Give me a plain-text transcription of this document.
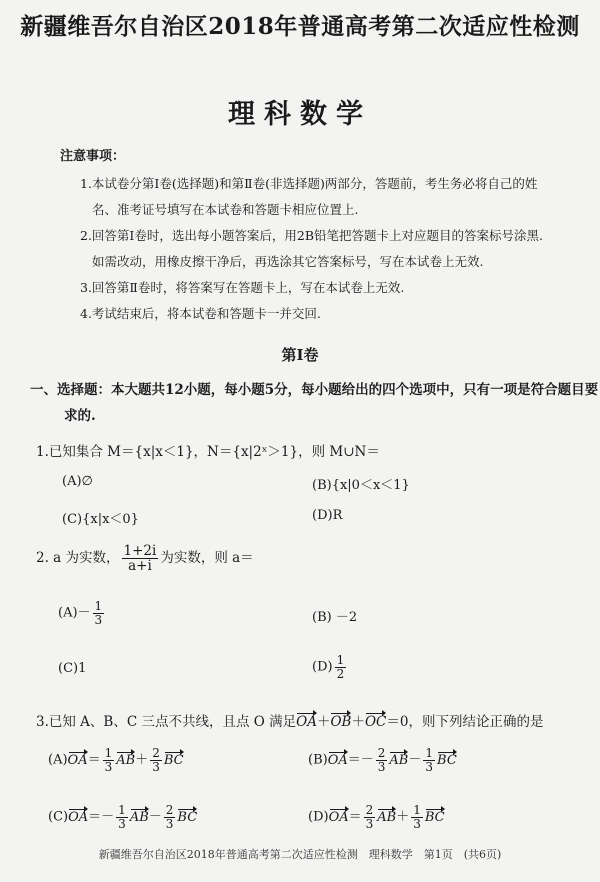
新疆维吾尔自治区2018年普通高考第二次适应性检测
理科数学
注意事项：
1.本试卷分第Ⅰ卷(选择题)和第Ⅱ卷(非选择题)两部分，答题前，考生务必将自己的姓
名、准考证号填写在本试卷和答题卡相应位置上.
2.回答第Ⅰ卷时，选出每小题答案后，用2B铅笔把答题卡上对应题目的答案标号涂黑.
如需改动，用橡皮擦干净后，再选涂其它答案标号，写在本试卷上无效.
3.回答第Ⅱ卷时，将答案写在答题卡上，写在本试卷上无效.
4.考试结束后，将本试卷和答题卡一并交回.
第Ⅰ卷
一、选择题：本大题共12小题，每小题5分，每小题给出的四个选项中，只有一项是符合题目要
求的.
1.已知集合 M＝{x|x＜1}，N＝{x|2ˣ＞1}，则 M∪N＝
(A)∅	(B){x|0＜x＜1}
(C){x|x＜0}	(D)R
2. a 为实数， $\frac{1+2i}{a+i}$ 为实数，则 a＝
$(A)- \frac{1}{3}$	(B) －2
(C)1	$(D) \frac{1}{2}$
3.已知 A、B、C 三点不共线，且点 O 满足OA＋OB＋OC＝0，则下列结论正确的是
$(A)OA= \frac{1}{3} AB+ \frac{2}{3}$ BC	$(B)OA=- \frac{2}{3} AB- \frac{1}{3}$ BC
$(C)OA=- \frac{1}{3} AB- \frac{2}{3}$ BC	$(D)OA= \frac{2}{3} AB+ \frac{1}{3}$ BC
新疆维吾尔自治区2018年普通高考第二次适应性检测　理科数学　第1页　(共6页)
